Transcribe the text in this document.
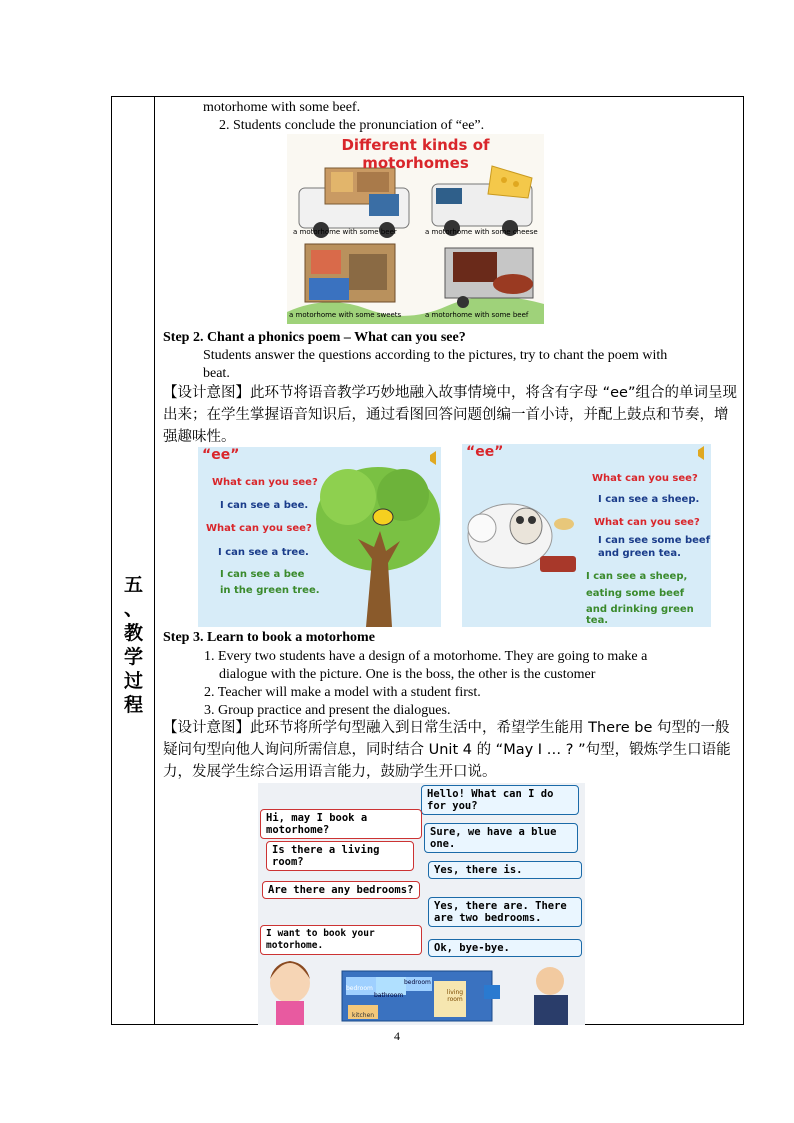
五
、
教
学
过
程
motorhome with some beef.
2. Students conclude the pronunciation of “ee”.
Different kinds of motorhomes
a motorhome with some beer	a motorhome with some cheese
a motorhome with some sweets	a motorhome with some beef
Step 2. Chant a phonics poem – What can you see?
Students answer the questions according to the pictures, try to chant the poem with
beat.
【设计意图】此环节将语音教学巧妙地融入故事情境中，将含有字母 “ee”组合的单词呈现出来；在学生掌握语音知识后，通过看图回答问题创编一首小诗，并配上鼓点和节奏，增强趣味性。
“ee”
What can you see?
I can see a bee.
What can you see?
I can see a tree.
I can see a bee
in the green tree.
“ee”
What can you see?
I can see a sheep.
What can you see?
I can see some beef
and green tea.
I can see a sheep,
eating some beef
and drinking green tea.
Step 3. Learn to book a motorhome
1. Every two students have a design of a motorhome. They are going to make a
dialogue with the picture. One is the boss, the other is the customer
2. Teacher will make a model with a student first.
3. Group practice and present the dialogues.
【设计意图】此环节将所学句型融入到日常生活中，希望学生能用 There be 句型的一般疑问句型向他人询问所需信息，同时结合 Unit 4 的 “May I … ? ”句型，锻炼学生口语能力，发展学生综合运用语言能力，鼓励学生开口说。
Hello! What can I do for you?
Hi, may I book a motorhome?	Sure, we have a blue one.
Is there a living room?
Yes, there is.
Are there any bedrooms?
Yes, there are. There are two bedrooms.
I want to book your motorhome.	Ok, bye-bye.
bedroom
bathroom
bedroom
living room
kitchen
4
